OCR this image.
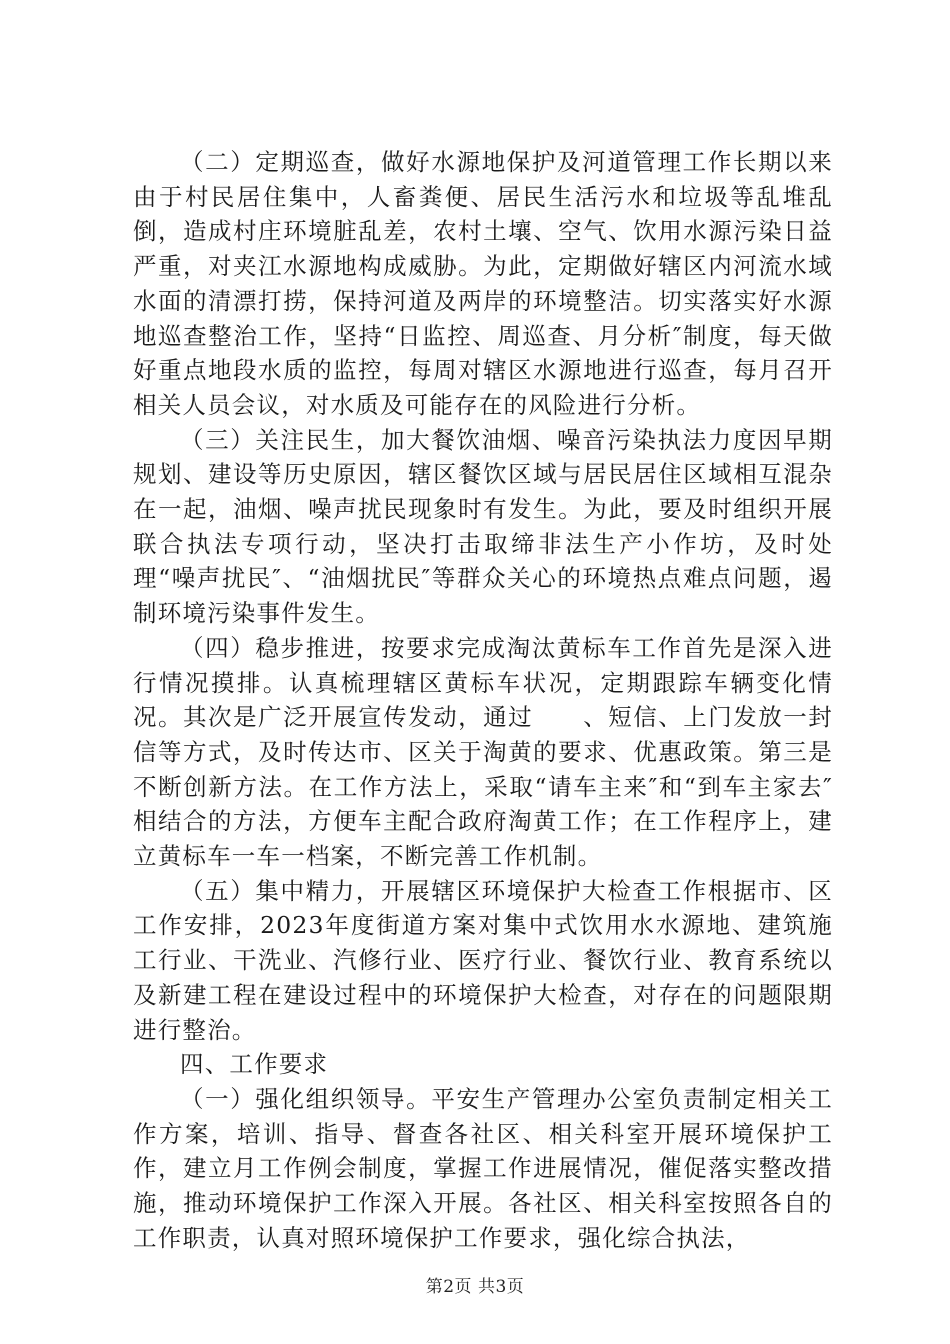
（二）定期巡查，做好水源地保护及河道管理工作长期以来由于村民居住集中，人畜粪便、居民生活污水和垃圾等乱堆乱倒，造成村庄环境脏乱差，农村土壤、空气、饮用水源污染日益严重，对夹江水源地构成威胁。为此，定期做好辖区内河流水域水面的清漂打捞，保持河道及两岸的环境整洁。切实落实好水源地巡查整治工作，坚持“日监控、周巡查、月分析″制度，每天做好重点地段水质的监控，每周对辖区水源地进行巡查，每月召开相关人员会议，对水质及可能存在的风险进行分析。

（三）关注民生，加大餐饮油烟、噪音污染执法力度因早期规划、建设等历史原因，辖区餐饮区域与居民居住区域相互混杂在一起，油烟、噪声扰民现象时有发生。为此，要及时组织开展联合执法专项行动，坚决打击取缔非法生产小作坊，及时处理“噪声扰民″、“油烟扰民″等群众关心的环境热点难点问题，遏制环境污染事件发生。

（四）稳步推进，按要求完成淘汰黄标车工作首先是深入进行情况摸排。认真梳理辖区黄标车状况，定期跟踪车辆变化情况。其次是广泛开展宣传发动，通过　　、短信、上门发放一封信等方式，及时传达市、区关于淘黄的要求、优惠政策。第三是不断创新方法。在工作方法上，采取“请车主来″和“到车主家去″相结合的方法，方便车主配合政府淘黄工作；在工作程序上，建立黄标车一车一档案，不断完善工作机制。

（五）集中精力，开展辖区环境保护大检查工作根据市、区工作安排，2023年度街道方案对集中式饮用水水源地、建筑施工行业、干洗业、汽修行业、医疗行业、餐饮行业、教育系统以及新建工程在建设过程中的环境保护大检查，对存在的问题限期进行整治。

四、工作要求

（一）强化组织领导。平安生产管理办公室负责制定相关工作方案，培训、指导、督查各社区、相关科室开展环境保护工作，建立月工作例会制度，掌握工作进展情况，催促落实整改措施，推动环境保护工作深入开展。各社区、相关科室按照各自的工作职责，认真对照环境保护工作要求，强化综合执法，

第2页 共3页
